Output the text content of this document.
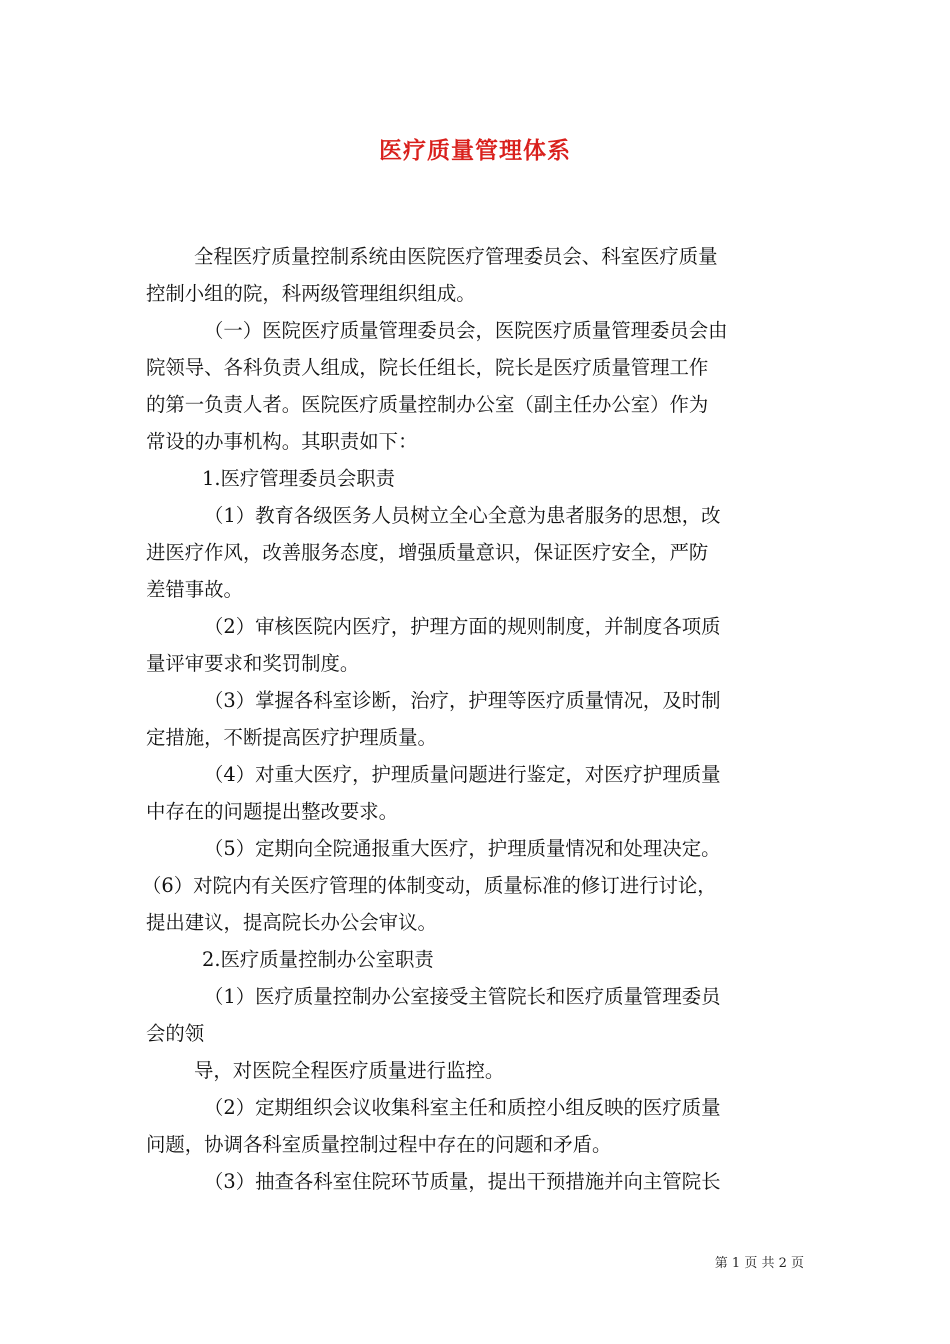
医疗质量管理体系
全程医疗质量控制系统由医院医疗管理委员会、科室医疗质量
控制小组的院，科两级管理组织组成。
（一）医院医疗质量管理委员会，医院医疗质量管理委员会由
院领导、各科负责人组成，院长任组长，院长是医疗质量管理工作
的第一负责人者。医院医疗质量控制办公室（副主任办公室）作为
常设的办事机构。其职责如下：
1.医疗管理委员会职责
（1）教育各级医务人员树立全心全意为患者服务的思想，改
进医疗作风，改善服务态度，增强质量意识，保证医疗安全，严防
差错事故。
（2）审核医院内医疗，护理方面的规则制度，并制度各项质
量评审要求和奖罚制度。
（3）掌握各科室诊断，治疗，护理等医疗质量情况，及时制
定措施，不断提高医疗护理质量。
（4）对重大医疗，护理质量问题进行鉴定，对医疗护理质量
中存在的问题提出整改要求。
（5）定期向全院通报重大医疗，护理质量情况和处理决定。
（6）对院内有关医疗管理的体制变动，质量标准的修订进行讨论，
提出建议，提高院长办公会审议。
2.医疗质量控制办公室职责
（1）医疗质量控制办公室接受主管院长和医疗质量管理委员
会的领
导，对医院全程医疗质量进行监控。
（2）定期组织会议收集科室主任和质控小组反映的医疗质量
问题，协调各科室质量控制过程中存在的问题和矛盾。
（3）抽查各科室住院环节质量，提出干预措施并向主管院长
第 1 页 共 2 页
